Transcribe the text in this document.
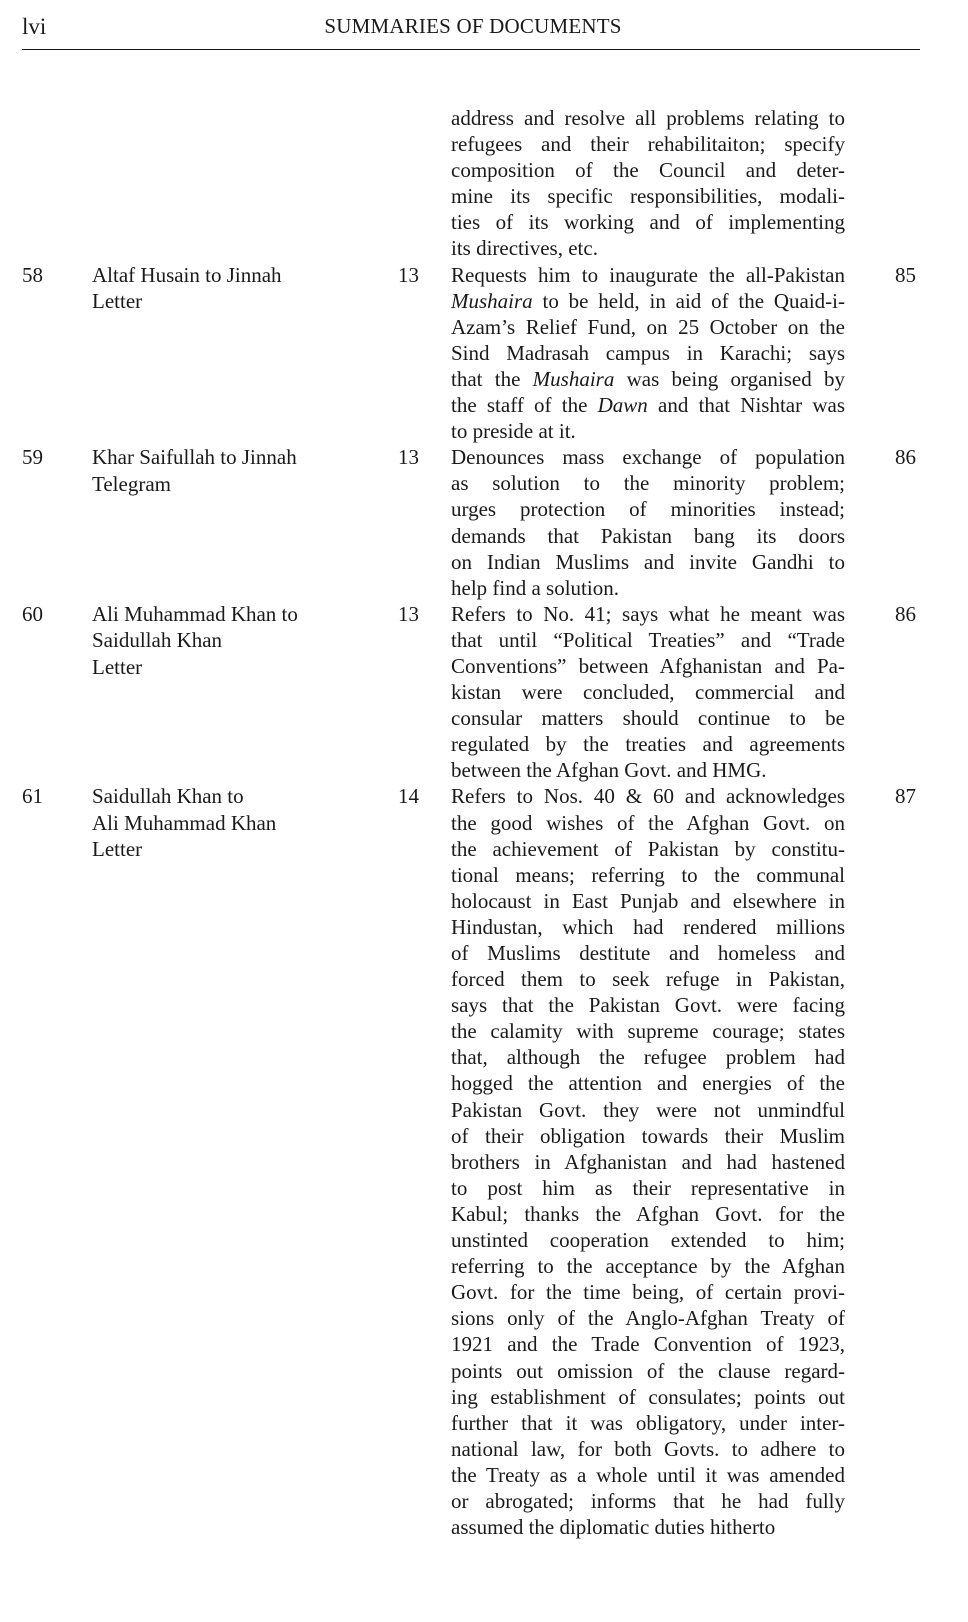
lvi	SUMMARIES OF DOCUMENTS
address and resolve all problems relating to
refugees and their rehabilitaiton; specify
composition of the Council and deter-
mine its specific responsibilities, modali-
ties of its working and of implementing
its directives, etc.
58 Altaf Husain to Jinnah
Letter
13 Requests him to inaugurate the all-Pakistan
Mushaira to be held, in aid of the Quaid-i-
Azam’s Relief Fund, on 25 October on the
Sind Madrasah campus in Karachi; says
that the Mushaira was being organised by
the staff of the Dawn and that Nishtar was
to preside at it.
85
59 Khar Saifullah to Jinnah
Telegram
13 Denounces mass exchange of population
as solution to the minority problem;
urges protection of minorities instead;
demands that Pakistan bang its doors
on Indian Muslims and invite Gandhi to
help find a solution.
86
60 Ali Muhammad Khan to
Saidullah Khan
Letter
13 Refers to No. 41; says what he meant was
that until “Political Treaties” and “Trade
Conventions” between Afghanistan and Pa-
kistan were concluded, commercial and
consular matters should continue to be
regulated by the treaties and agreements
between the Afghan Govt. and HMG.
86
61 Saidullah Khan to
Ali Muhammad Khan
Letter
14 Refers to Nos. 40 & 60 and acknowledges
the good wishes of the Afghan Govt. on
the achievement of Pakistan by constitu-
tional means; referring to the communal
holocaust in East Punjab and elsewhere in
Hindustan, which had rendered millions
of Muslims destitute and homeless and
forced them to seek refuge in Pakistan,
says that the Pakistan Govt. were facing
the calamity with supreme courage; states
that, although the refugee problem had
hogged the attention and energies of the
Pakistan Govt. they were not unmindful
of their obligation towards their Muslim
brothers in Afghanistan and had hastened
to post him as their representative in
Kabul; thanks the Afghan Govt. for the
unstinted cooperation extended to him;
referring to the acceptance by the Afghan
Govt. for the time being, of certain provi-
sions only of the Anglo-Afghan Treaty of
1921 and the Trade Convention of 1923,
points out omission of the clause regard-
ing establishment of consulates; points out
further that it was obligatory, under inter-
national law, for both Govts. to adhere to
the Treaty as a whole until it was amended
or abrogated; informs that he had fully
assumed the diplomatic duties hitherto
87
